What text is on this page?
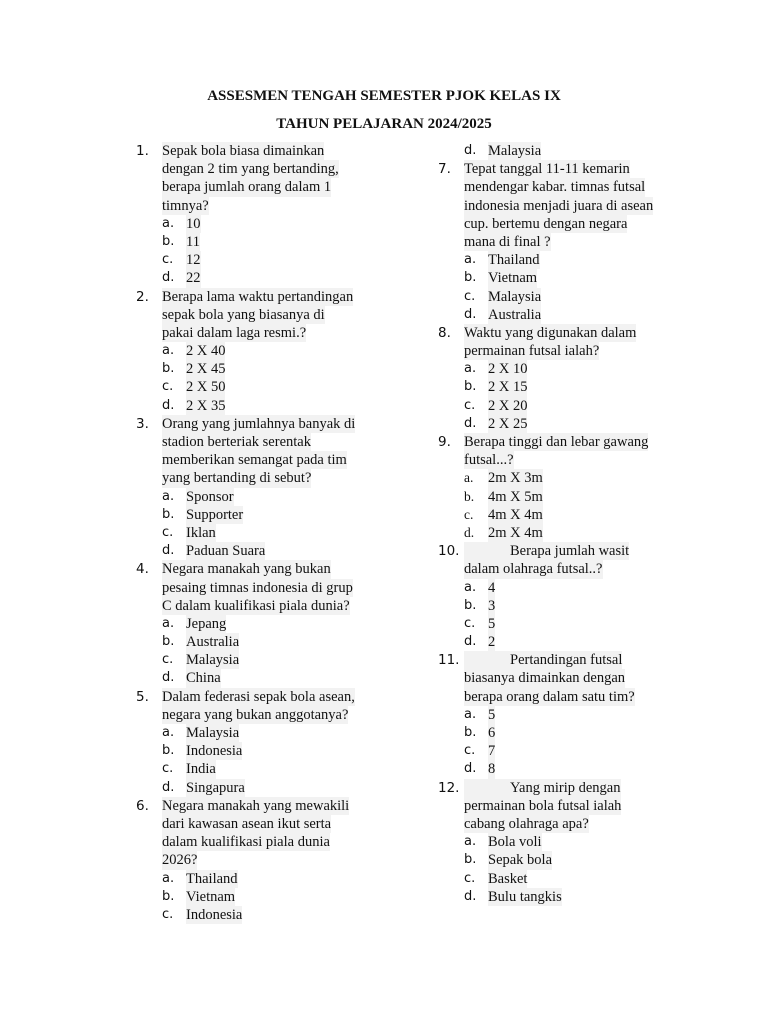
ASSESMEN TENGAH SEMESTER PJOK KELAS IX
TAHUN PELAJARAN 2024/2025
1. Sepak bola biasa dimainkan
dengan 2 tim yang bertanding,
berapa jumlah orang dalam 1
timnya?
a. 10
b. 11
c. 12
d. 22
2. Berapa lama waktu pertandingan
sepak bola yang biasanya di
pakai dalam laga resmi.?
a. 2 X 40
b. 2 X 45
c. 2 X 50
d. 2 X 35
3. Orang yang jumlahnya banyak di
stadion berteriak serentak
memberikan semangat pada tim
yang bertanding di sebut?
a. Sponsor
b. Supporter
c. Iklan
d. Paduan Suara
4. Negara manakah yang bukan
pesaing timnas indonesia di grup
C dalam kualifikasi piala dunia?
a. Jepang
b. Australia
c. Malaysia
d. China
5. Dalam federasi sepak bola asean,
negara yang bukan anggotanya?
a. Malaysia
b. Indonesia
c. India
d. Singapura
6. Negara manakah yang mewakili
dari kawasan asean ikut serta
dalam kualifikasi piala dunia
2026?
a. Thailand
b. Vietnam
c. Indonesia
d. Malaysia
7. Tepat tanggal 11-11 kemarin
mendengar kabar. timnas futsal
indonesia menjadi juara di asean
cup. bertemu dengan negara
mana di final ?
a. Thailand
b. Vietnam
c. Malaysia
d. Australia
8. Waktu yang digunakan dalam
permainan futsal ialah?
a. 2 X 10
b. 2 X 15
c. 2 X 20
d. 2 X 25
9. Berapa tinggi dan lebar gawang
futsal...?
a.	2m X 3m
b. 4m X 5m
c.	4m X 4m
d. 2m X 4m
10.	Berapa jumlah wasit
dalam olahraga futsal..?
a. 4
b. 3
c. 5
d. 2
11.	Pertandingan futsal
biasanya dimainkan dengan
berapa orang dalam satu tim?
a. 5
b. 6
c. 7
d. 8
12.	Yang mirip dengan
permainan bola futsal ialah
cabang olahraga apa?
a. Bola voli
b. Sepak bola
c. Basket
d. Bulu tangkis
